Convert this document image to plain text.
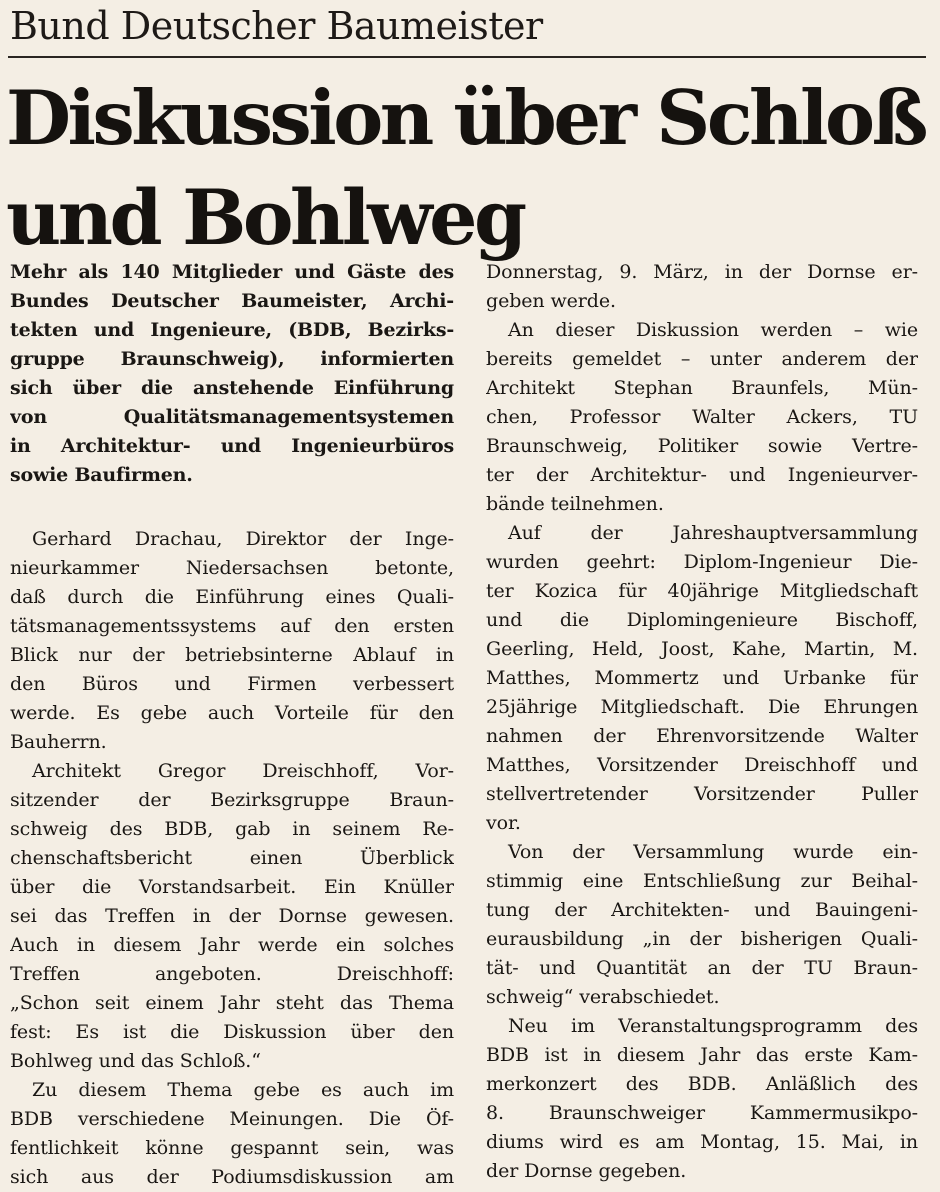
Bund Deutscher Baumeister
Diskussion über Schloß
und Bohlweg
Mehr als 140 Mitglieder und Gäste des
Bundes Deutscher Baumeister, Archi-
tekten und Ingenieure, (BDB, Bezirks-
gruppe Braunschweig), informierten
sich über die anstehende Einführung
von Qualitätsmanagementsystemen
in Architektur- und Ingenieurbüros
sowie Baufirmen.
Gerhard Drachau, Direktor der Inge-
nieurkammer Niedersachsen betonte,
daß durch die Einführung eines Quali-
tätsmanagementssystems auf den ersten
Blick nur der betriebsinterne Ablauf in
den Büros und Firmen verbessert
werde. Es gebe auch Vorteile für den
Bauherrn.
Architekt Gregor Dreischhoff, Vor-
sitzender der Bezirksgruppe Braun-
schweig des BDB, gab in seinem Re-
chenschaftsbericht einen Überblick
über die Vorstandsarbeit. Ein Knüller
sei das Treffen in der Dornse gewesen.
Auch in diesem Jahr werde ein solches
Treffen angeboten. Dreischhoff:
„Schon seit einem Jahr steht das Thema
fest: Es ist die Diskussion über den
Bohlweg und das Schloß.“
Zu diesem Thema gebe es auch im
BDB verschiedene Meinungen. Die Öf-
fentlichkeit könne gespannt sein, was
sich aus der Podiumsdiskussion am
Donnerstag, 9. März, in der Dornse er-
geben werde.
An dieser Diskussion werden – wie
bereits gemeldet – unter anderem der
Architekt Stephan Braunfels, Mün-
chen, Professor Walter Ackers, TU
Braunschweig, Politiker sowie Vertre-
ter der Architektur- und Ingenieurver-
bände teilnehmen.
Auf der Jahreshauptversammlung
wurden geehrt: Diplom-Ingenieur Die-
ter Kozica für 40jährige Mitgliedschaft
und die Diplomingenieure Bischoff,
Geerling, Held, Joost, Kahe, Martin, M.
Matthes, Mommertz und Urbanke für
25jährige Mitgliedschaft. Die Ehrungen
nahmen der Ehrenvorsitzende Walter
Matthes, Vorsitzender Dreischhoff und
stellvertretender Vorsitzender Puller
vor.
Von der Versammlung wurde ein-
stimmig eine Entschließung zur Beihal-
tung der Architekten- und Bauingeni-
eurausbildung „in der bisherigen Quali-
tät- und Quantität an der TU Braun-
schweig“ verabschiedet.
Neu im Veranstaltungsprogramm des
BDB ist in diesem Jahr das erste Kam-
merkonzert des BDB. Anläßlich des
8. Braunschweiger Kammermusikpo-
diums wird es am Montag, 15. Mai, in
der Dornse gegeben.
